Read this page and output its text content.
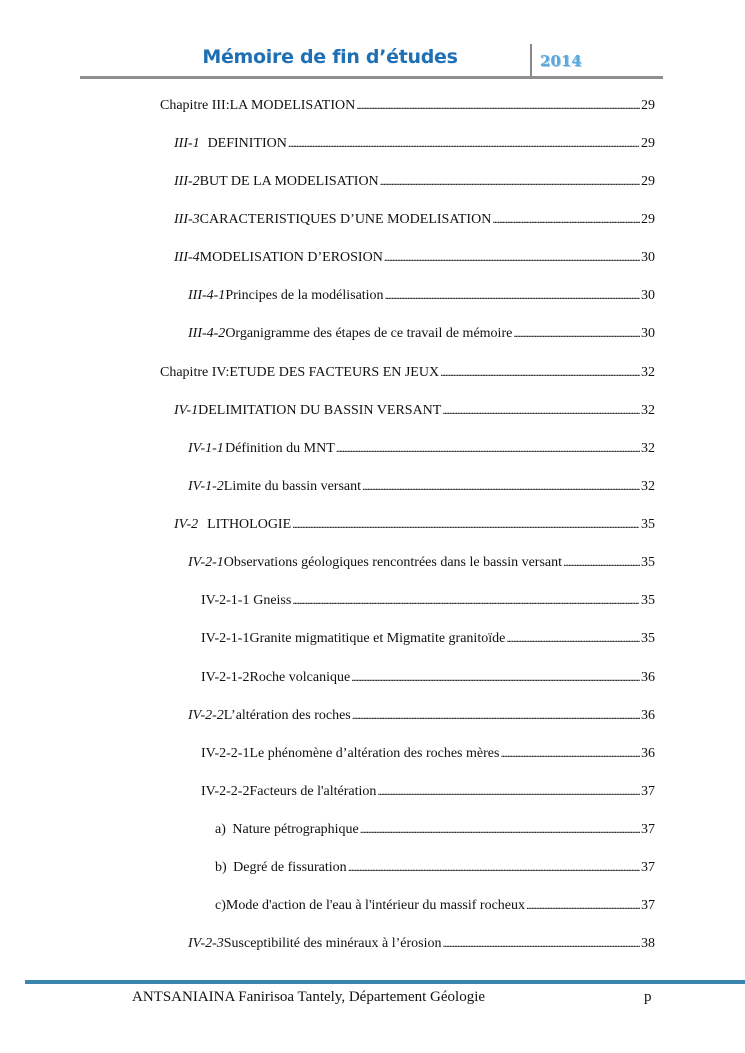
Mémoire de fin d’études	2014
Chapitre III: LA MODELISATION . . .	29
III-1 DEFINITION . . .	29
III-2 BUT DE LA MODELISATION . . .	29
III-3 CARACTERISTIQUES D’UNE MODELISATION . . .	29
III-4 MODELISATION D’EROSION . . .	30
III-4-1 Principes de la modélisation . . .	30
III-4-2 Organigramme des étapes de ce travail de mémoire . . .	30
Chapitre IV: ETUDE DES FACTEURS EN JEUX . . .	32
IV-1 DELIMITATION DU BASSIN VERSANT . . .	32
IV-1-1 Définition du MNT . . .	32
IV-1-2 Limite du bassin versant . . .	32
IV-2 LITHOLOGIE . . .	35
IV-2-1 Observations géologiques rencontrées dans le bassin versant . . .	35
IV-2-1-1 Gneiss . . .	35
IV-2-1-1 Granite migmatitique et Migmatite granitoïde . . .	35
IV-2-1-2 Roche volcanique . . .	36
IV-2-2 L’altération des roches . . .	36
IV-2-2-1 Le phénomène d’altération des roches mères . . .	36
IV-2-2-2 Facteurs de l'altération . . .	37
a) Nature pétrographique . . .	37
b) Degré de fissuration . . .	37
c) Mode d'action de l'eau à l'intérieur du massif rocheux . . .	37
IV-2-3 Susceptibilité des minéraux à l’érosion . . .	38
ANTSANIAINA Fanirisoa Tantely, Département Géologie	p
